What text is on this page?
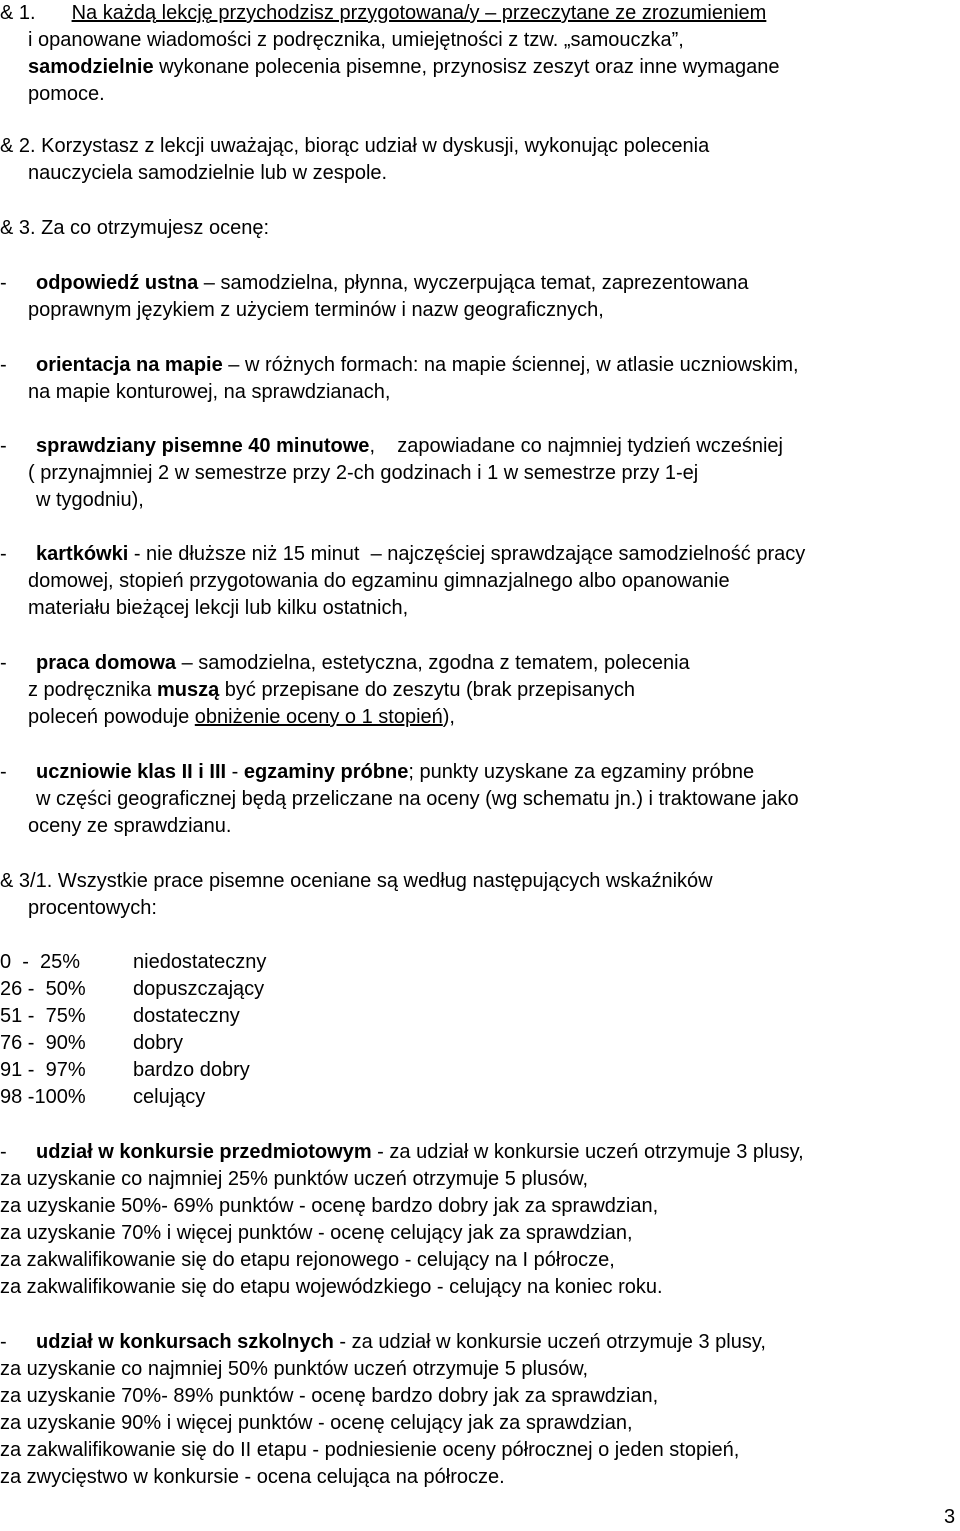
& 1. Na każdą lekcję przychodzisz przygotowana/y – przeczytane ze zrozumieniem
i opanowane wiadomości z podręcznika, umiejętności z tzw. „samouczka”,
samodzielnie wykonane polecenia pisemne, przynosisz zeszyt oraz inne wymagane
pomoce.
& 2. Korzystasz z lekcji uważając, biorąc udział w dyskusji, wykonując polecenia
nauczyciela samodzielnie lub w zespole.
& 3. Za co otrzymujesz ocenę:
- odpowiedź ustna – samodzielna, płynna, wyczerpująca temat, zaprezentowana
poprawnym językiem z użyciem terminów i nazw geograficznych,
- orientacja na mapie – w różnych formach: na mapie ściennej, w atlasie uczniowskim,
na mapie konturowej, na sprawdzianach,
- sprawdziany pisemne 40 minutowe,    zapowiadane co najmniej tydzień wcześniej
( przynajmniej 2 w semestrze przy 2-ch godzinach i 1 w semestrze przy 1-ej
w tygodniu),
- kartkówki - nie dłuższe niż 15 minut  – najczęściej sprawdzające samodzielność pracy
domowej, stopień przygotowania do egzaminu gimnazjalnego albo opanowanie
materiału bieżącej lekcji lub kilku ostatnich,
- praca domowa – samodzielna, estetyczna, zgodna z tematem, polecenia
z podręcznika muszą być przepisane do zeszytu (brak przepisanych
poleceń powoduje obniżenie oceny o 1 stopień),
- uczniowie klas II i III - egzaminy próbne; punkty uzyskane za egzaminy próbne
w części geograficznej będą przeliczane na oceny (wg schematu jn.) i traktowane jako
oceny ze sprawdzianu.
& 3/1. Wszystkie prace pisemne oceniane są według następujących wskaźników
procentowych:
0  -  25%	niedostateczny
26 -  50%	dopuszczający
51 -  75%	dostateczny
76 -  90%	dobry
91 -  97%	bardzo dobry
98 -100%	celujący
- udział w konkursie przedmiotowym - za udział w konkursie uczeń otrzymuje 3 plusy,
za uzyskanie co najmniej 25% punktów uczeń otrzymuje 5 plusów,
za uzyskanie 50%- 69% punktów - ocenę bardzo dobry jak za sprawdzian,
za uzyskanie 70% i więcej punktów - ocenę celujący jak za sprawdzian,
za zakwalifikowanie się do etapu rejonowego - celujący na I półrocze,
za zakwalifikowanie się do etapu wojewódzkiego - celujący na koniec roku.
- udział w konkursach szkolnych - za udział w konkursie uczeń otrzymuje 3 plusy,
za uzyskanie co najmniej 50% punktów uczeń otrzymuje 5 plusów,
za uzyskanie 70%- 89% punktów - ocenę bardzo dobry jak za sprawdzian,
za uzyskanie 90% i więcej punktów - ocenę celujący jak za sprawdzian,
za zakwalifikowanie się do II etapu - podniesienie oceny półrocznej o jeden stopień,
za zwycięstwo w konkursie - ocena celująca na półrocze.
3
